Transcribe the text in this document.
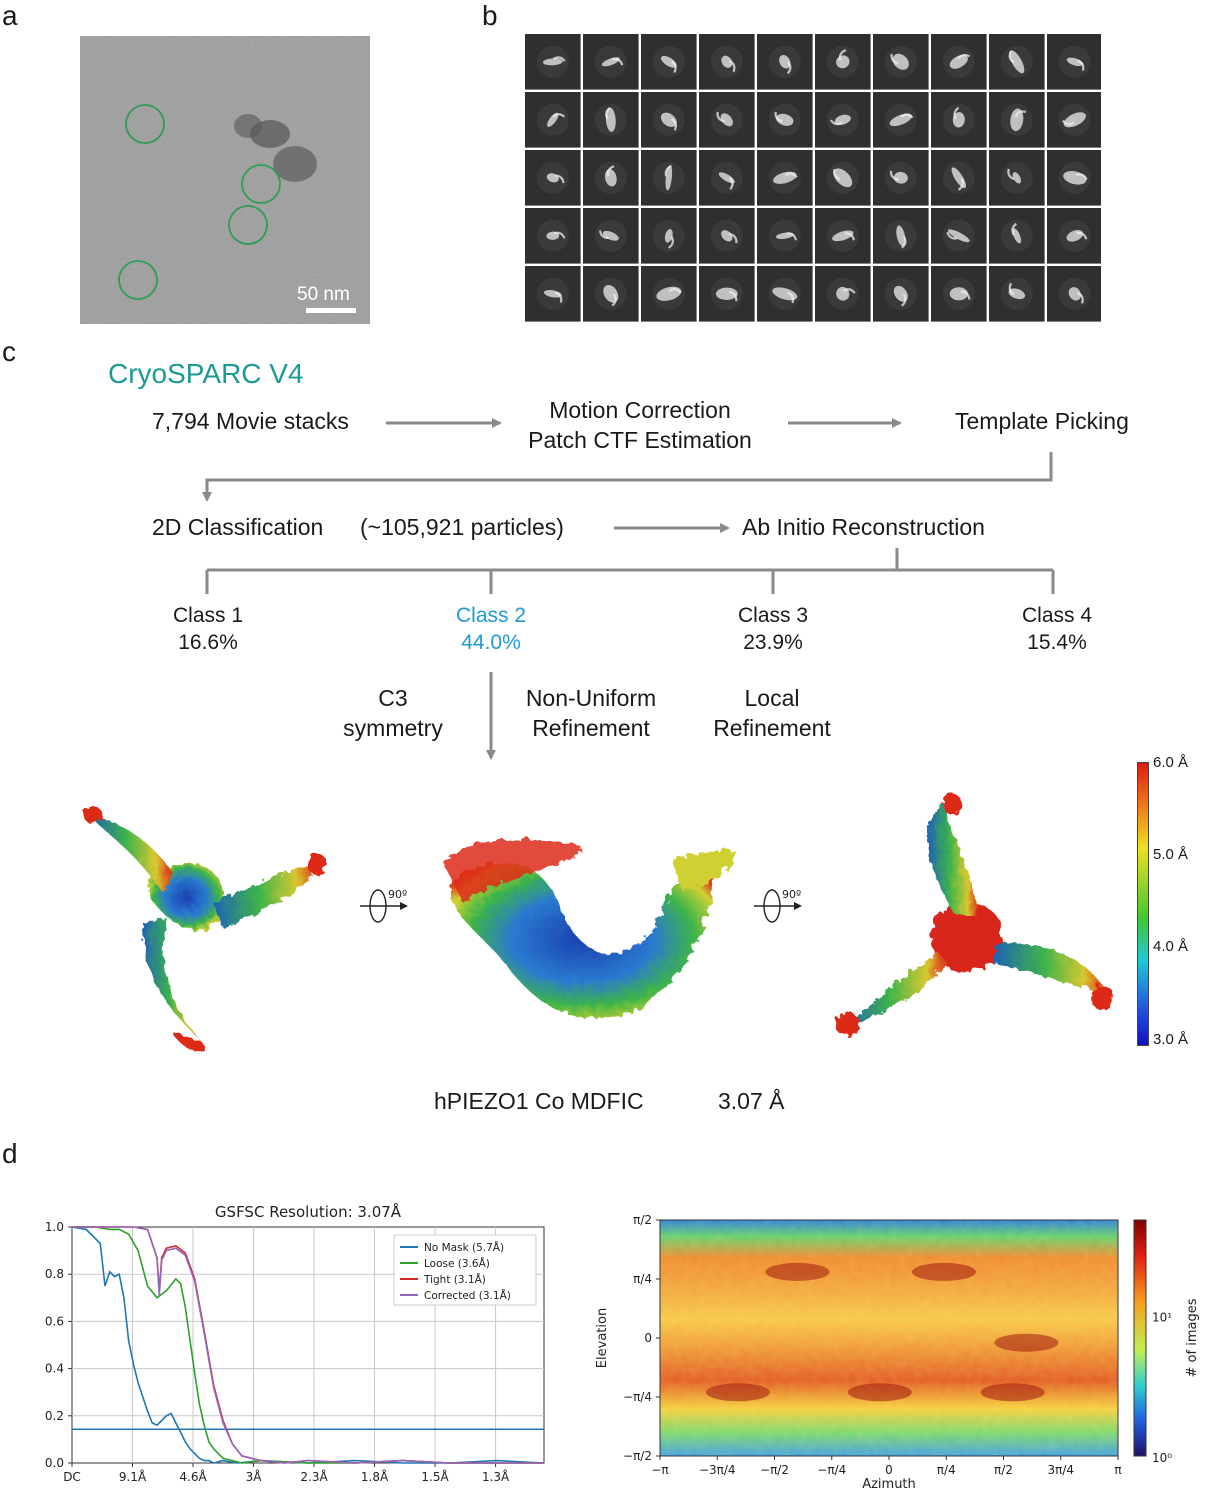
a	b
c
d
50 nm
CryoSPARC V4
7,794 Movie stacks	Motion Correction
Patch CTF Estimation
Template Picking
2D Classification (~105,921 particles)	Ab Initio Reconstruction
Class 1
16.6%
Class 2
44.0%
Class 3
23.9%
Class 4
15.4%
C3
symmetry
Non-Uniform
Refinement
Local
Refinement
90º	90º
6.0 Å
5.0 Å
4.0 Å
3.0 Å
hPIEZO1 Co MDFIC	3.07 Å
GSFSC Resolution: 3.07Å
DC	9.1Å	4.6Å	3Å	2.3Å	1.8Å	1.5Å	1.3Å
0.0
0.2
0.4
0.6
0.8
1.0
No Mask (5.7Å)
Loose (3.6Å)
Tight (3.1Å)
Corrected (3.1Å)
−π	−3π/4 −π/2 −π/4	0	π/4	π/2	3π/4	π
π/2
π/4
0
−π/4
−π/2
Azimuth
Elevation	10¹
10⁰
# of images
